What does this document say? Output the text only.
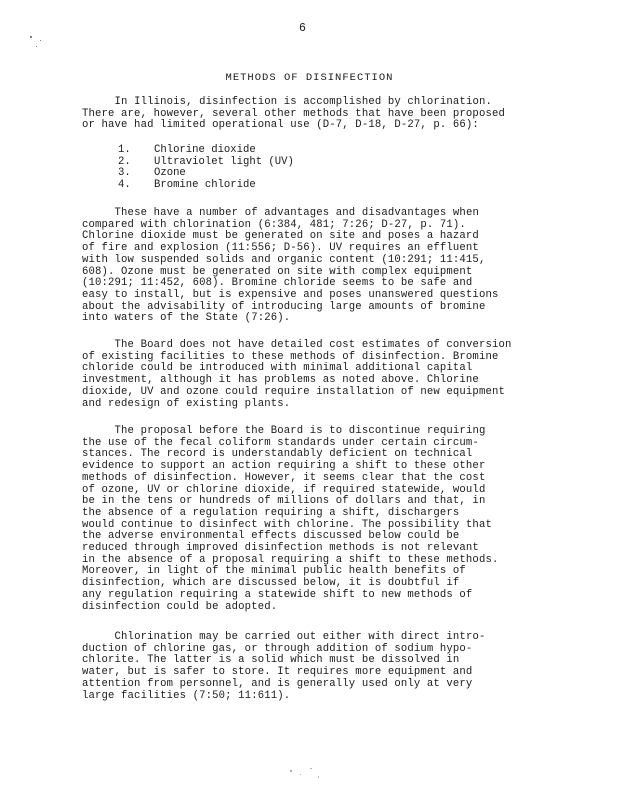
6
METHODS OF DISINFECTION
In Illinois, disinfection is accomplished by chlorination.
There are, however, several other methods that have been proposed
or have had limited operational use (D-7, D-18, D-27, p. 66):
1.	Chlorine dioxide
2.	Ultraviolet light (UV)
3.	Ozone
4.	Bromine chloride
These have a number of advantages and disadvantages when
compared with chlorination (6:384, 481; 7:26; D-27, p. 71).
Chlorine dioxide must be generated on site and poses a hazard
of fire and explosion (11:556; D-56). UV requires an effluent
with low suspended solids and organic content (10:291; 11:415,
608). Ozone must be generated on site with complex equipment
(10:291; 11:452, 608). Bromine chloride seems to be safe and
easy to install, but is expensive and poses unanswered questions
about the advisability of introducing large amounts of bromine
into waters of the State (7:26).
The Board does not have detailed cost estimates of conversion
of existing facilities to these methods of disinfection. Bromine
chloride could be introduced with minimal additional capital
investment, although it has problems as noted above. Chlorine
dioxide, UV and ozone could require installation of new equipment
and redesign of existing plants.
The proposal before the Board is to discontinue requiring
the use of the fecal coliform standards under certain circum-
stances. The record is understandably deficient on technical
evidence to support an action requiring a shift to these other
methods of disinfection. However, it seems clear that the cost
of ozone, UV or chlorine dioxide, if required statewide, would
be in the tens or hundreds of millions of dollars and that, in
the absence of a regulation requiring a shift, dischargers
would continue to disinfect with chlorine. The possibility that
the adverse environmental effects discussed below could be
reduced through improved disinfection methods is not relevant
in the absence of a proposal requiring a shift to these methods.
Moreover, in light of the minimal public health benefits of
disinfection, which are discussed below, it is doubtful if
any regulation requiring a statewide shift to new methods of
disinfection could be adopted.
Chlorination may be carried out either with direct intro-
duction of chlorine gas, or through addition of sodium hypo-
chlorite. The latter is a solid which must be dissolved in
water, but is safer to store. It requires more equipment and
attention from personnel, and is generally used only at very
large facilities (7:50; 11:611).
